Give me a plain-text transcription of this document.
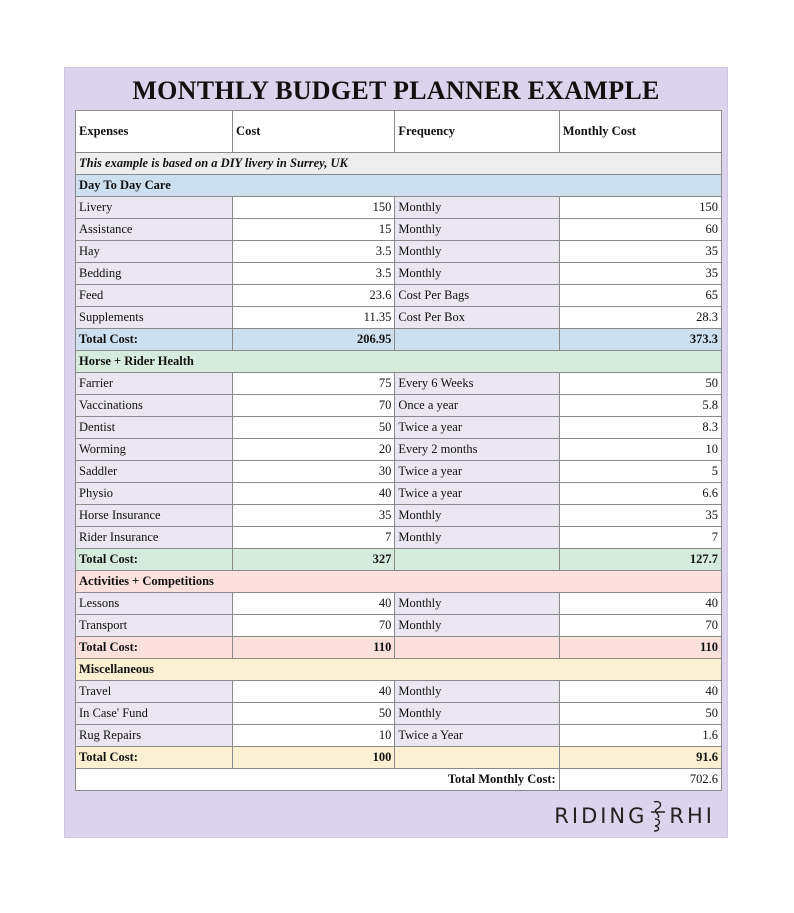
MONTHLY BUDGET PLANNER EXAMPLE
Expenses	Cost	Frequency	Monthly Cost
This example is based on a DIY livery in Surrey, UK			
Day To Day Care			
Livery	150	Monthly	150
Assistance	15	Monthly	60
Hay	3.5	Monthly	35
Bedding	3.5	Monthly	35
Feed	23.6	Cost Per Bags	65
Supplements	11.35	Cost Per Box	28.3
Total Cost:	206.95		373.3
Horse + Rider Health			
Farrier	75	Every 6 Weeks	50
Vaccinations	70	Once a year	5.8
Dentist	50	Twice a year	8.3
Worming	20	Every 2 months	10
Saddler	30	Twice a year	5
Physio	40	Twice a year	6.6
Horse Insurance	35	Monthly	35
Rider Insurance	7	Monthly	7
Total Cost:	327		127.7
Activities + Competitions			
Lessons	40	Monthly	40
Transport	70	Monthly	70
Total Cost:	110		110
Miscellaneous			
Travel	40	Monthly	40
In Case' Fund	50	Monthly	50
Rug Repairs	10	Twice a Year	1.6
Total Cost:	100		91.6
Total Monthly Cost:			702.6
RIDING RHI
